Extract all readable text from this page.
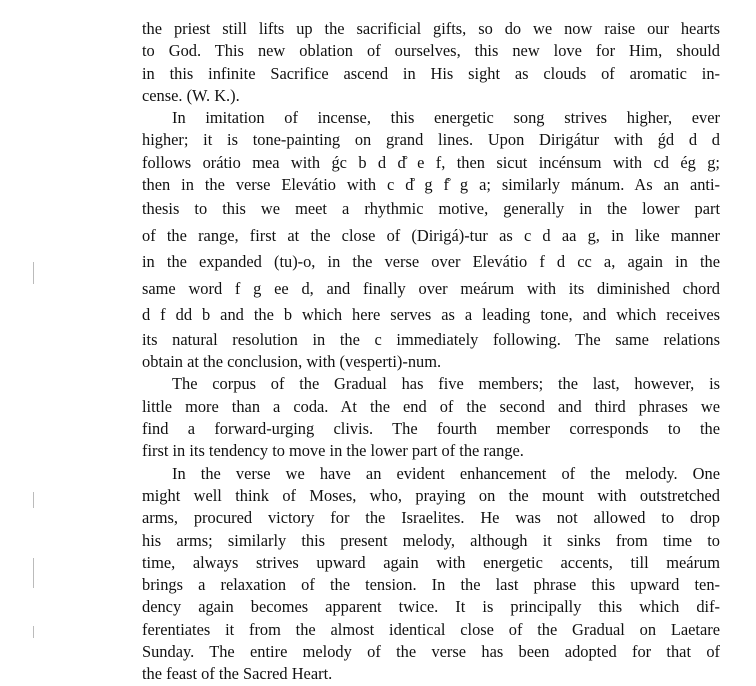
the priest still lifts up the sacrificial gifts, so do we now raise our hearts
to God. This new oblation of ourselves, this new love for Him, should
in this infinite Sacrifice ascend in His sight as clouds of aromatic in-
cense. (W. K.).

In imitation of incense, this energetic song strives higher, ever
higher; it is tone-painting on grand lines. Upon Dirigátur with ǵd d d
follows orátio mea with ǵc b d d̊ e f, then sicut incénsum with cd ég g;
then in the verse Elevátio with c d̊ g f̊ g a; similarly mánum. As an anti-
thesis to this we meet a rhythmic motive, generally in the lower part
of the range, first at the close of (Dirigá)-tur as c d aa g, in like manner
in the expanded (tu)-o, in the verse over Elevátio f d cc a, again in the
same word f g ee d, and finally over meárum with its diminished chord
d f dd b and the b which here serves as a leading tone, and which receives
its natural resolution in the c immediately following. The same relations
obtain at the conclusion, with (vesperti)-num.

The corpus of the Gradual has five members; the last, however, is
little more than a coda. At the end of the second and third phrases we
find a forward-urging clivis. The fourth member corresponds to the
first in its tendency to move in the lower part of the range.

In the verse we have an evident enhancement of the melody. One
might well think of Moses, who, praying on the mount with outstretched
arms, procured victory for the Israelites. He was not allowed to drop
his arms; similarly this present melody, although it sinks from time to
time, always strives upward again with energetic accents, till meárum
brings a relaxation of the tension. In the last phrase this upward ten-
dency again becomes apparent twice. It is principally this which dif-
ferentiates it from the almost identical close of the Gradual on Laetare
Sunday. The entire melody of the verse has been adopted for that of
the feast of the Sacred Heart.
